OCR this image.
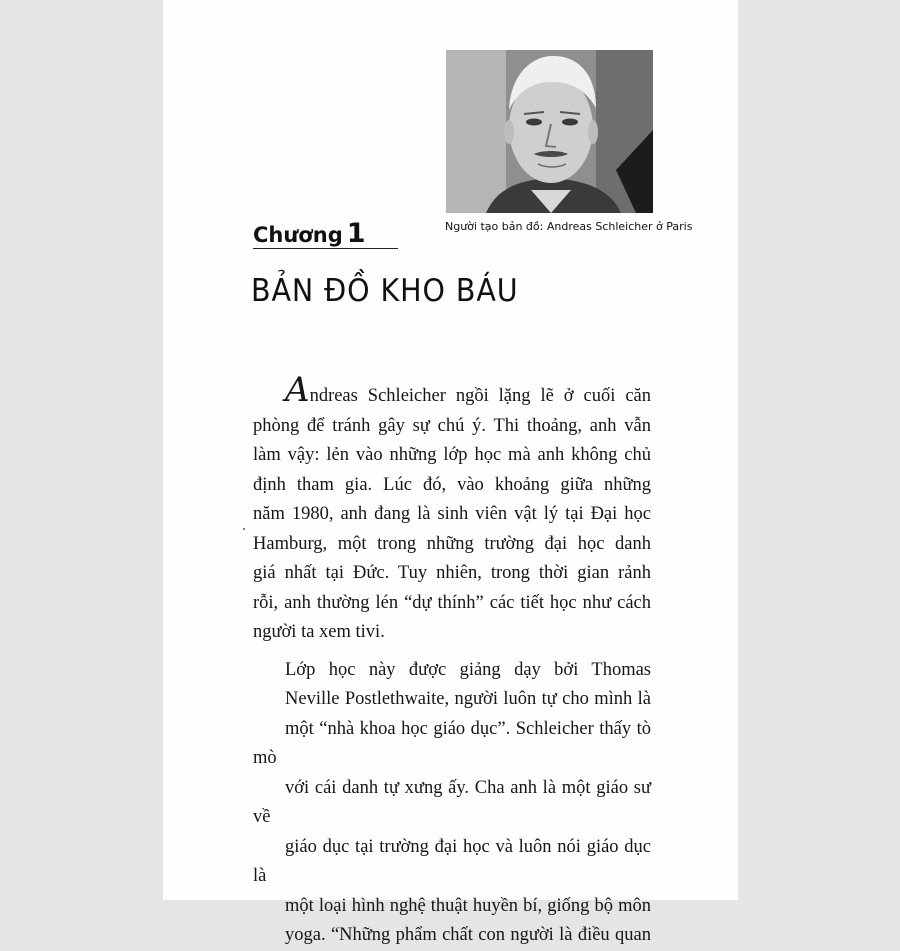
Người tạo bản đồ: Andreas Schleicher ở Paris
Chương 1
BẢN ĐỒ KHO BÁU

Andreas Schleicher ngồi lặng lẽ ở cuối căn
phòng để tránh gây sự chú ý. Thi thoảng, anh vẫn
làm vậy: lẻn vào những lớp học mà anh không chủ
định tham gia. Lúc đó, vào khoảng giữa những
năm 1980, anh đang là sinh viên vật lý tại Đại học
Hamburg, một trong những trường đại học danh
giá nhất tại Đức. Tuy nhiên, trong thời gian rảnh
rỗi, anh thường lén “dự thính” các tiết học như cách
người ta xem tivi.

Lớp học này được giảng dạy bởi Thomas
Neville Postlethwaite, người luôn tự cho mình là
một “nhà khoa học giáo dục”. Schleicher thấy tò mò
với cái danh tự xưng ấy. Cha anh là một giáo sư về
giáo dục tại trường đại học và luôn nói giáo dục là
một loại hình nghệ thuật huyền bí, giống bộ môn
yoga. “Những phẩm chất con người là điều quan
